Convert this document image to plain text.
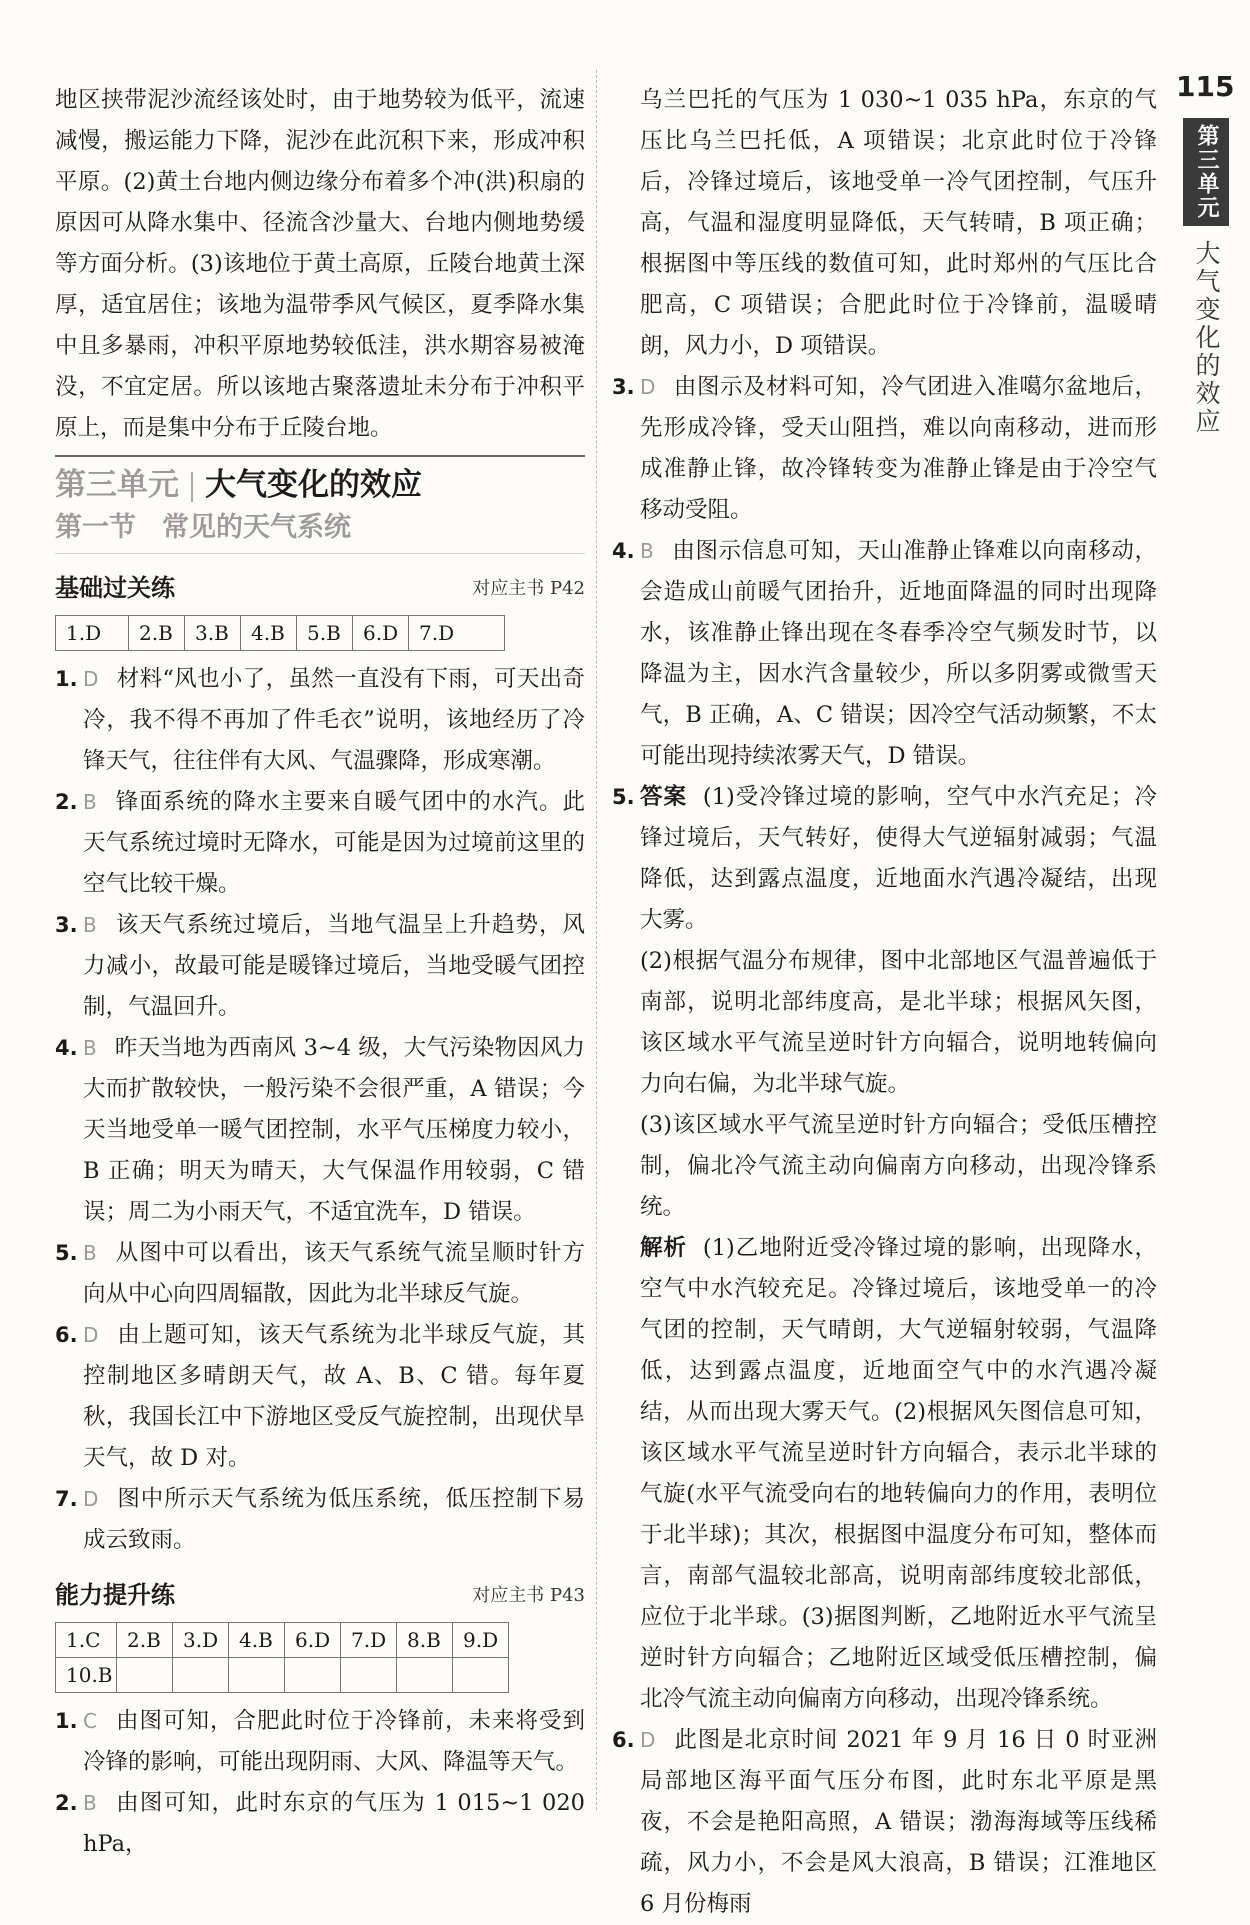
115
第三单元
大气变化的效应

地区挟带泥沙流经该处时，由于地势较为低平，流速减慢，搬运能力下降，泥沙在此沉积下来，形成冲积平原。(2)黄土台地内侧边缘分布着多个冲(洪)积扇的原因可从降水集中、径流含沙量大、台地内侧地势缓等方面分析。(3)该地位于黄土高原，丘陵台地黄土深厚，适宜居住；该地为温带季风气候区，夏季降水集中且多暴雨，冲积平原地势较低洼，洪水期容易被淹没，不宜定居。所以该地古聚落遗址未分布于冲积平原上，而是集中分布于丘陵台地。

第三单元 大气变化的效应
第一节 常见的天气系统
基础过关练	对应主书 P42
1.D	2.B	3.B	4.B	5.B	6.D	7.D
1. D 材料“风也小了，虽然一直没有下雨，可天出奇冷，我不得不再加了件毛衣”说明，该地经历了冷锋天气，往往伴有大风、气温骤降，形成寒潮。
2. B 锋面系统的降水主要来自暖气团中的水汽。此天气系统过境时无降水，可能是因为过境前这里的空气比较干燥。
3. B 该天气系统过境后，当地气温呈上升趋势，风力减小，故最可能是暖锋过境后，当地受暖气团控制，气温回升。
4. B 昨天当地为西南风 3~4 级，大气污染物因风力大而扩散较快，一般污染不会很严重，A 错误；今天当地受单一暖气团控制，水平气压梯度力较小，B 正确；明天为晴天，大气保温作用较弱，C 错误；周二为小雨天气，不适宜洗车，D 错误。
5. B 从图中可以看出，该天气系统气流呈顺时针方向从中心向四周辐散，因此为北半球反气旋。
6. D 由上题可知，该天气系统为北半球反气旋，其控制地区多晴朗天气，故 A、B、C 错。每年夏秋，我国长江中下游地区受反气旋控制，出现伏旱天气，故 D 对。
7. D 图中所示天气系统为低压系统，低压控制下易成云致雨。
能力提升练	对应主书 P43
1.C	2.B	3.D	4.B	6.D	7.D	8.B	9.D
10.B							
1. C 由图可知，合肥此时位于冷锋前，未来将受到冷锋的影响，可能出现阴雨、大风、降温等天气。
2. B 由图可知，此时东京的气压为 1 015~1 020 hPa，

乌兰巴托的气压为 1 030~1 035 hPa，东京的气压比乌兰巴托低，A 项错误；北京此时位于冷锋后，冷锋过境后，该地受单一冷气团控制，气压升高，气温和湿度明显降低，天气转晴，B 项正确；根据图中等压线的数值可知，此时郑州的气压比合肥高，C 项错误；合肥此时位于冷锋前，温暖晴朗，风力小，D 项错误。

3. D 由图示及材料可知，冷气团进入准噶尔盆地后，先形成冷锋，受天山阻挡，难以向南移动，进而形成准静止锋，故冷锋转变为准静止锋是由于冷空气移动受阻。
4. B 由图示信息可知，天山准静止锋难以向南移动，会造成山前暖气团抬升，近地面降温的同时出现降水，该准静止锋出现在冬春季冷空气频发时节，以降温为主，因水汽含量较少，所以多阴雾或微雪天气，B 正确，A、C 错误；因冷空气活动频繁，不太可能出现持续浓雾天气，D 错误。
5. 答案 (1)受冷锋过境的影响，空气中水汽充足；冷锋过境后，天气转好，使得大气逆辐射减弱；气温降低，达到露点温度，近地面水汽遇冷凝结，出现大雾。

(2)根据气温分布规律，图中北部地区气温普遍低于南部，说明北部纬度高，是北半球；根据风矢图，该区域水平气流呈逆时针方向辐合，说明地转偏向力向右偏，为北半球气旋。

(3)该区域水平气流呈逆时针方向辐合；受低压槽控制，偏北冷气流主动向偏南方向移动，出现冷锋系统。

解析 (1)乙地附近受冷锋过境的影响，出现降水，空气中水汽较充足。冷锋过境后，该地受单一的冷气团的控制，天气晴朗，大气逆辐射较弱，气温降低，达到露点温度，近地面空气中的水汽遇冷凝结，从而出现大雾天气。(2)根据风矢图信息可知，该区域水平气流呈逆时针方向辐合，表示北半球的气旋(水平气流受向右的地转偏向力的作用，表明位于北半球)；其次，根据图中温度分布可知，整体而言，南部气温较北部高，说明南部纬度较北部低，应位于北半球。(3)据图判断，乙地附近水平气流呈逆时针方向辐合；乙地附近区域受低压槽控制，偏北冷气流主动向偏南方向移动，出现冷锋系统。

6. D 此图是北京时间 2021 年 9 月 16 日 0 时亚洲局部地区海平面气压分布图，此时东北平原是黑夜，不会是艳阳高照，A 错误；渤海海域等压线稀疏，风力小，不会是风大浪高，B 错误；江淮地区 6 月份梅雨
